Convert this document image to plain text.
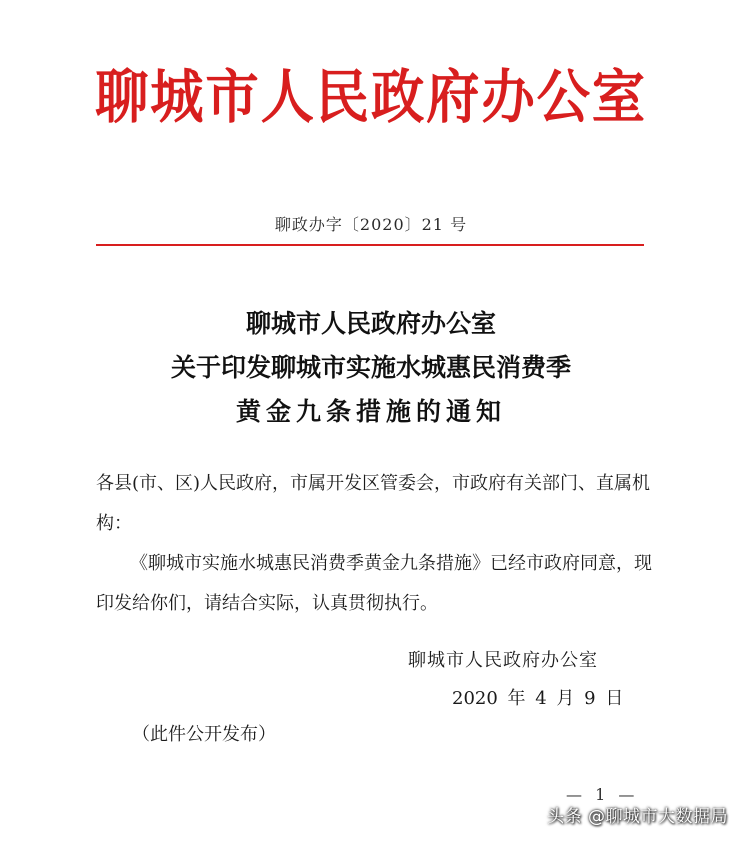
聊城市人民政府办公室
聊政办字〔2020〕21 号
聊城市人民政府办公室
关于印发聊城市实施水城惠民消费季
黄金九条措施的通知

各县(市、区)人民政府，市属开发区管委会，市政府有关部门、直属机构：

《聊城市实施水城惠民消费季黄金九条措施》已经市政府同意，现印发给你们，请结合实际，认真贯彻执行。

聊城市人民政府办公室
2020 年 4 月 9 日
（此件公开发布）
— 1 —
头条 @聊城市大数据局
